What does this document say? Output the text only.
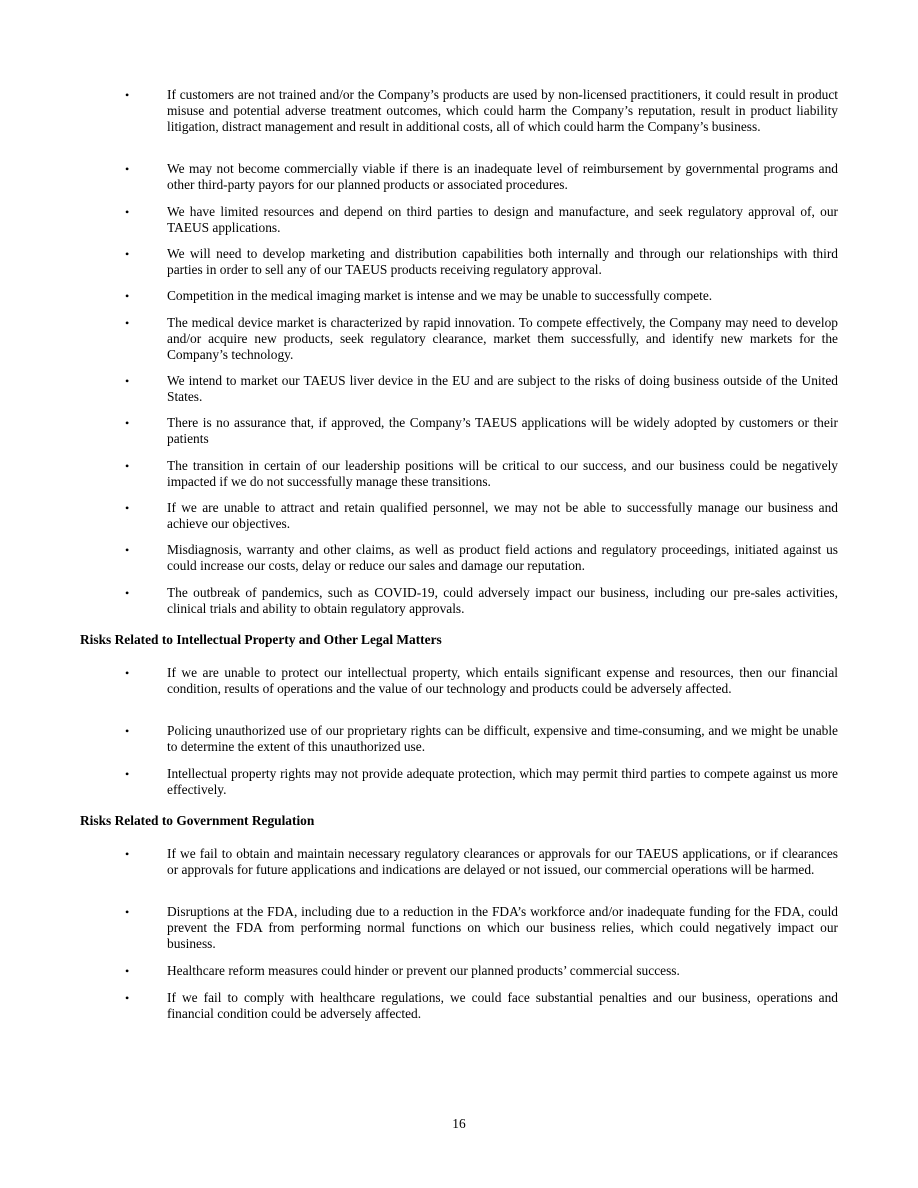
•	If customers are not trained and/or the Company’s products are used by non-licensed practitioners, it could result in product misuse and potential adverse treatment outcomes, which could harm the Company’s reputation, result in product liability litigation, distract management and result in additional costs, all of which could harm the Company’s business.
•	We may not become commercially viable if there is an inadequate level of reimbursement by governmental programs and other third-party payors for our planned products or associated procedures.
•	We have limited resources and depend on third parties to design and manufacture, and seek regulatory approval of, our TAEUS applications.
•	We will need to develop marketing and distribution capabilities both internally and through our relationships with third parties in order to sell any of our TAEUS products receiving regulatory approval.
•	Competition in the medical imaging market is intense and we may be unable to successfully compete.
•	The medical device market is characterized by rapid innovation. To compete effectively, the Company may need to develop and/or acquire new products, seek regulatory clearance, market them successfully, and identify new markets for the Company’s technology.
•	We intend to market our TAEUS liver device in the EU and are subject to the risks of doing business outside of the United States.
•	There is no assurance that, if approved, the Company’s TAEUS applications will be widely adopted by customers or their patients
•	The transition in certain of our leadership positions will be critical to our success, and our business could be negatively impacted if we do not successfully manage these transitions.
•	If we are unable to attract and retain qualified personnel, we may not be able to successfully manage our business and achieve our objectives.
•	Misdiagnosis, warranty and other claims, as well as product field actions and regulatory proceedings, initiated against us could increase our costs, delay or reduce our sales and damage our reputation.
•	The outbreak of pandemics, such as COVID-19, could adversely impact our business, including our pre-sales activities, clinical trials and ability to obtain regulatory approvals.
Risks Related to Intellectual Property and Other Legal Matters
•	If we are unable to protect our intellectual property, which entails significant expense and resources, then our financial condition, results of operations and the value of our technology and products could be adversely affected.
•	Policing unauthorized use of our proprietary rights can be difficult, expensive and time-consuming, and we might be unable to determine the extent of this unauthorized use.
•	Intellectual property rights may not provide adequate protection, which may permit third parties to compete against us more effectively.
Risks Related to Government Regulation
•	If we fail to obtain and maintain necessary regulatory clearances or approvals for our TAEUS applications, or if clearances or approvals for future applications and indications are delayed or not issued, our commercial operations will be harmed.
•	Disruptions at the FDA, including due to a reduction in the FDA’s workforce and/or inadequate funding for the FDA, could prevent the FDA from performing normal functions on which our business relies, which could negatively impact our business.
•	Healthcare reform measures could hinder or prevent our planned products’ commercial success.
•	If we fail to comply with healthcare regulations, we could face substantial penalties and our business, operations and financial condition could be adversely affected.
16
